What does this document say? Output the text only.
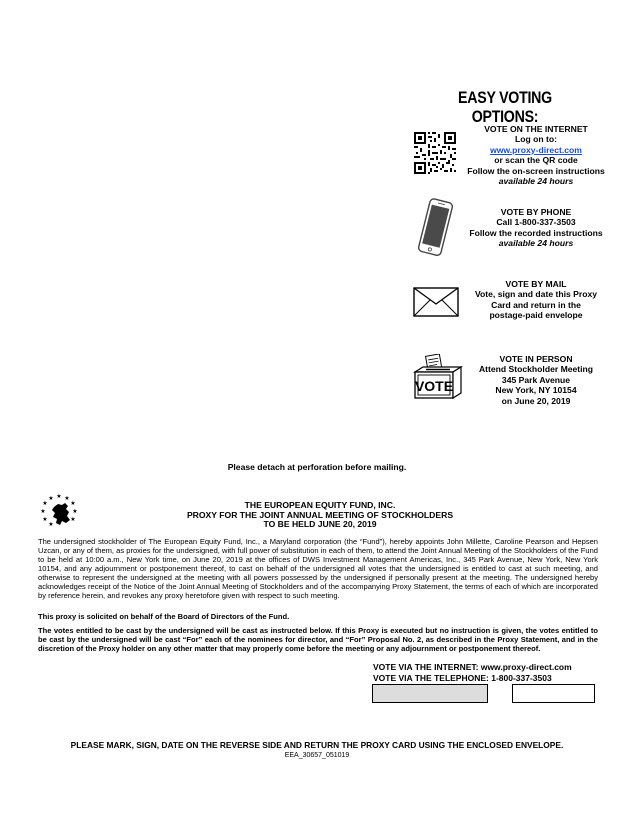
EASY VOTING OPTIONS:
VOTE ON THE INTERNET
Log on to:
www.proxy-direct.com
or scan the QR code
Follow the on-screen instructions
available 24 hours
VOTE BY PHONE
Call 1-800-337-3503
Follow the recorded instructions
available 24 hours
VOTE BY MAIL
Vote, sign and date this Proxy
Card and return in the
postage-paid envelope
VOTE
VOTE IN PERSON
Attend Stockholder Meeting
345 Park Avenue
New York, NY 10154
on June 20, 2019
Please detach at perforation before mailing.
★ ★
★
★
★
★
★
★
★
★
THE EUROPEAN EQUITY FUND, INC.
PROXY FOR THE JOINT ANNUAL MEETING OF STOCKHOLDERS
TO BE HELD JUNE 20, 2019
The undersigned stockholder of The European Equity Fund, Inc., a Maryland corporation (the “Fund”), hereby appoints John Millette, Caroline Pearson and Hepsen Uzcan, or any of them, as proxies for the undersigned, with full power of substitution in each of them, to attend the Joint Annual Meeting of the Stockholders of the Fund to be held at 10:00 a.m., New York time, on June 20, 2019 at the offices of DWS Investment Management Americas, Inc., 345 Park Avenue, New York, New York 10154, and any adjournment or postponement thereof, to cast on behalf of the undersigned all votes that the undersigned is entitled to cast at such meeting, and otherwise to represent the undersigned at the meeting with all powers possessed by the undersigned if personally present at the meeting. The undersigned hereby acknowledges receipt of the Notice of the Joint Annual Meeting of Stockholders and of the accompanying Proxy Statement, the terms of each of which are incorporated by reference herein, and revokes any proxy heretofore given with respect to such meeting.
This proxy is solicited on behalf of the Board of Directors of the Fund.
The votes entitled to be cast by the undersigned will be cast as instructed below. If this Proxy is executed but no instruction is given, the votes entitled to be cast by the undersigned will be cast “For” each of the nominees for director, and “For” Proposal No. 2, as described in the Proxy Statement, and in the discretion of the Proxy holder on any other matter that may properly come before the meeting or any adjournment or postponement thereof.
VOTE VIA THE INTERNET: www.proxy-direct.com
VOTE VIA THE TELEPHONE: 1-800-337-3503
PLEASE MARK, SIGN, DATE ON THE REVERSE SIDE AND RETURN THE PROXY CARD USING THE ENCLOSED ENVELOPE.
EEA_30657_051019
